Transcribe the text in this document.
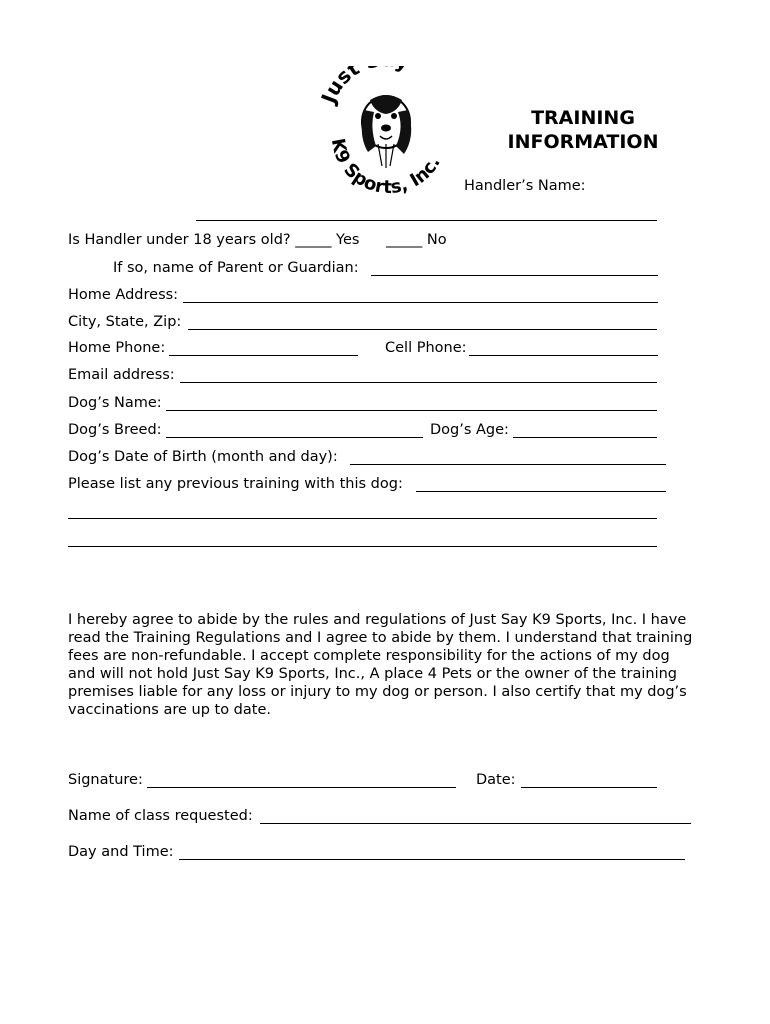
Just
K9 Sports, Inc.
TRAINING
INFORMATION
Handler’s Name:
Is Handler under 18 years old? _____ Yes _____ No
If so, name of Parent or Guardian:
Home Address:
City, State, Zip:
Home Phone:	Cell Phone:
Email address:
Dog’s Name:
Dog’s Breed:	Dog’s Age:
Dog’s Date of Birth (month and day):
Please list any previous training with this dog:
I hereby agree to abide by the rules and regulations of Just Say K9 Sports, Inc. I have read the Training Regulations and I agree to abide by them. I understand that training fees are non-refundable. I accept complete responsibility for the actions of my dog and will not hold Just Say K9 Sports, Inc., A place 4 Pets or the owner of the training premises liable for any loss or injury to my dog or person. I also certify that my dog’s vaccinations are up to date.
Signature:	Date:
Name of class requested:
Day and Time:
